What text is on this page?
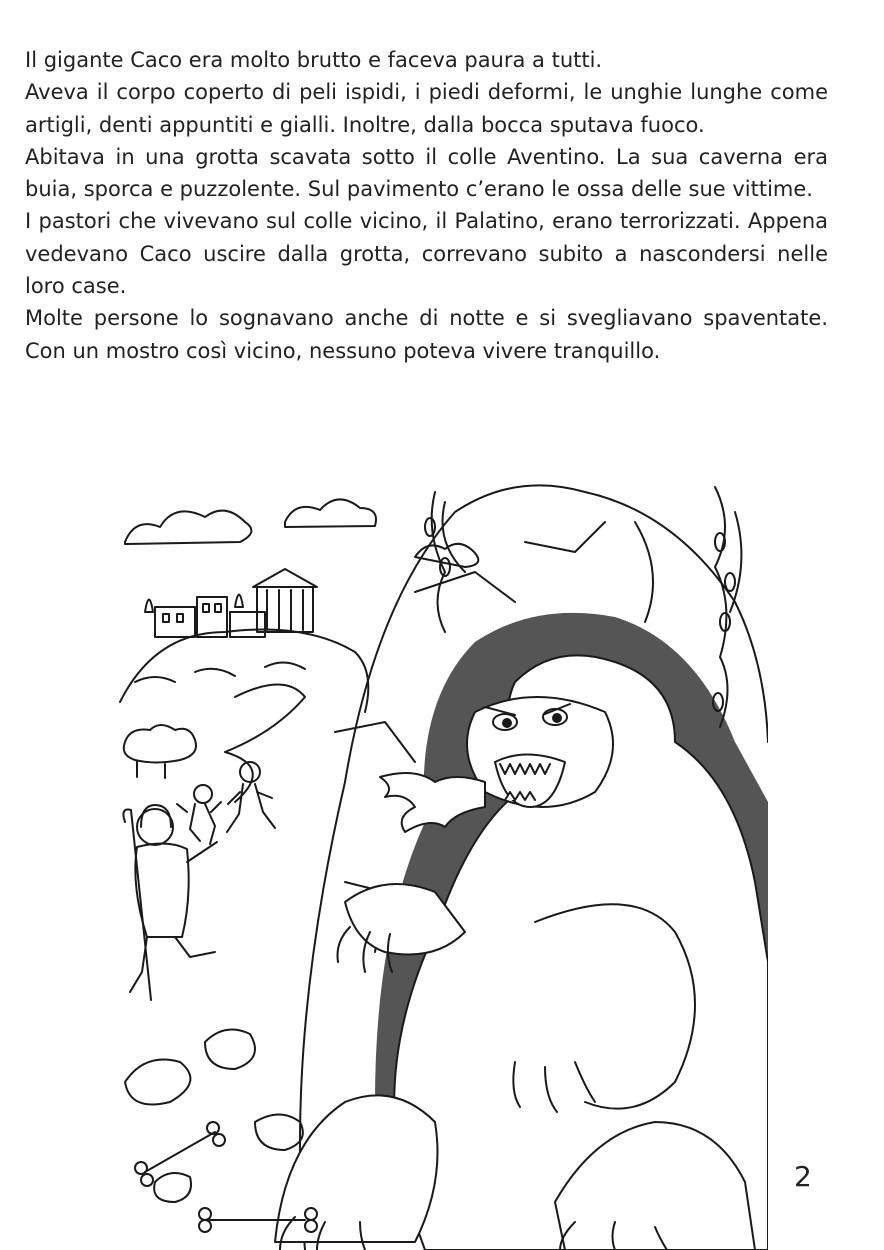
Il gigante Caco era molto brutto e faceva paura a tutti.

Aveva il corpo coperto di peli ispidi, i piedi deformi, le unghie lunghe come artigli, denti appuntiti e gialli. Inoltre, dalla bocca sputava fuoco.

Abitava in una grotta scavata sotto il colle Aventino. La sua caverna era buia, sporca e puzzolente. Sul pavimento c’erano le ossa delle sue vittime.

I pastori che vivevano sul colle vicino, il Palatino, erano terrorizzati. Appena vedevano Caco uscire dalla grotta, correvano subito a nascondersi nelle loro case.

Molte persone lo sognavano anche di notte e si svegliavano spaventate. Con un mostro così vicino, nessuno poteva vivere tranquillo.

2
